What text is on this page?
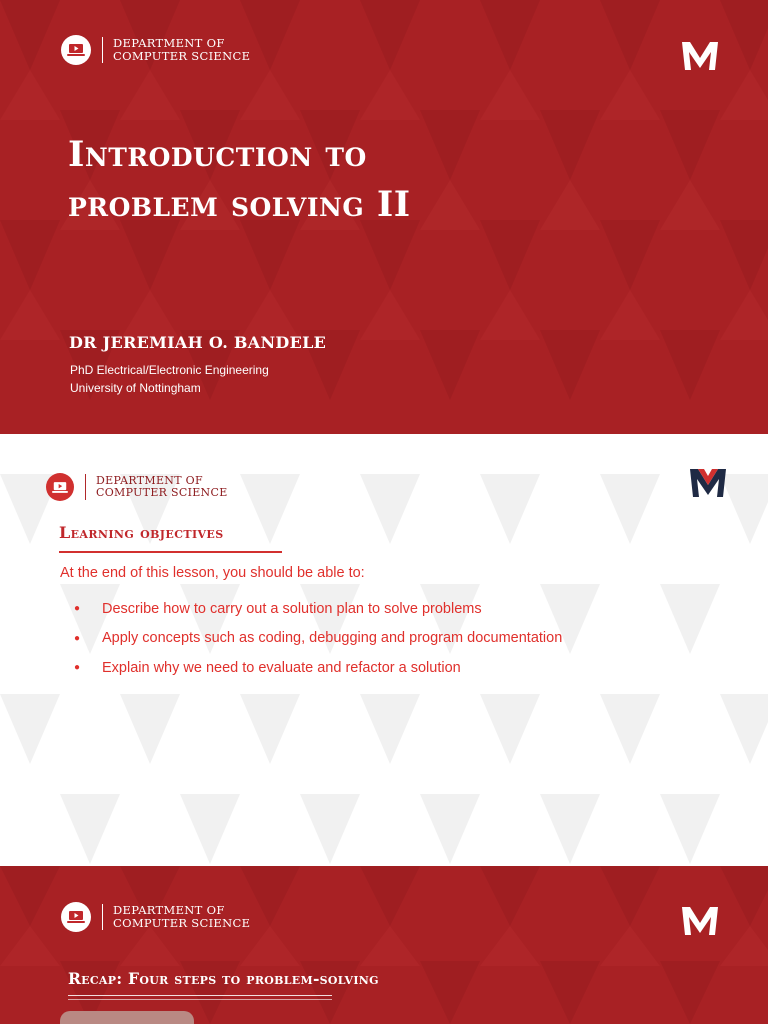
DEPARTMENT OF
COMPUTER SCIENCE
Introduction to
problem solving II
DR JEREMIAH O. BANDELE
PhD Electrical/Electronic Engineering
University of Nottingham
DEPARTMENT OF
COMPUTER SCIENCE
Learning objectives
At the end of this lesson, you should be able to:
●	Describe how to carry out a solution plan to solve problems
●	Apply concepts such as coding, debugging and program documentation
●	Explain why we need to evaluate and refactor a solution
DEPARTMENT OF
COMPUTER SCIENCE
Recap: Four steps to problem-solving
